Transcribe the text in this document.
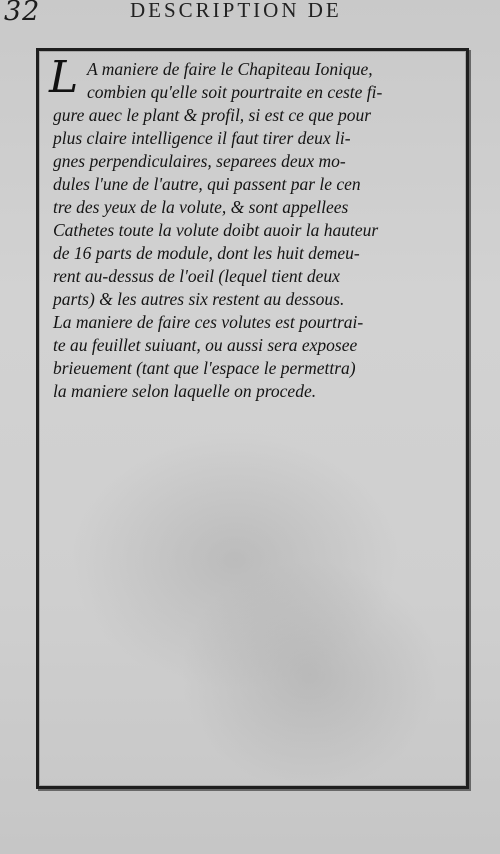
32	DESCRIPTION DE
L A maniere de faire le Chapiteau Ionique,
combien qu'elle soit pourtraite en ceste fi-
gure auec le plant & profil, si est ce que pour
plus claire intelligence il faut tirer deux li-
gnes perpendiculaires, separees deux mo-
dules l'une de l'autre, qui passent par le cen
tre des yeux de la volute, & sont appellees
Cathetes toute la volute doibt auoir la hauteur
de 16 parts de module, dont les huit demeu-
rent au-dessus de l'oeil (lequel tient deux
parts) & les autres six restent au dessous.
La maniere de faire ces volutes est pourtrai-
te au feuillet suiuant, ou aussi sera exposee
brieuement (tant que l'espace le permettra)
la maniere selon laquelle on procede.
